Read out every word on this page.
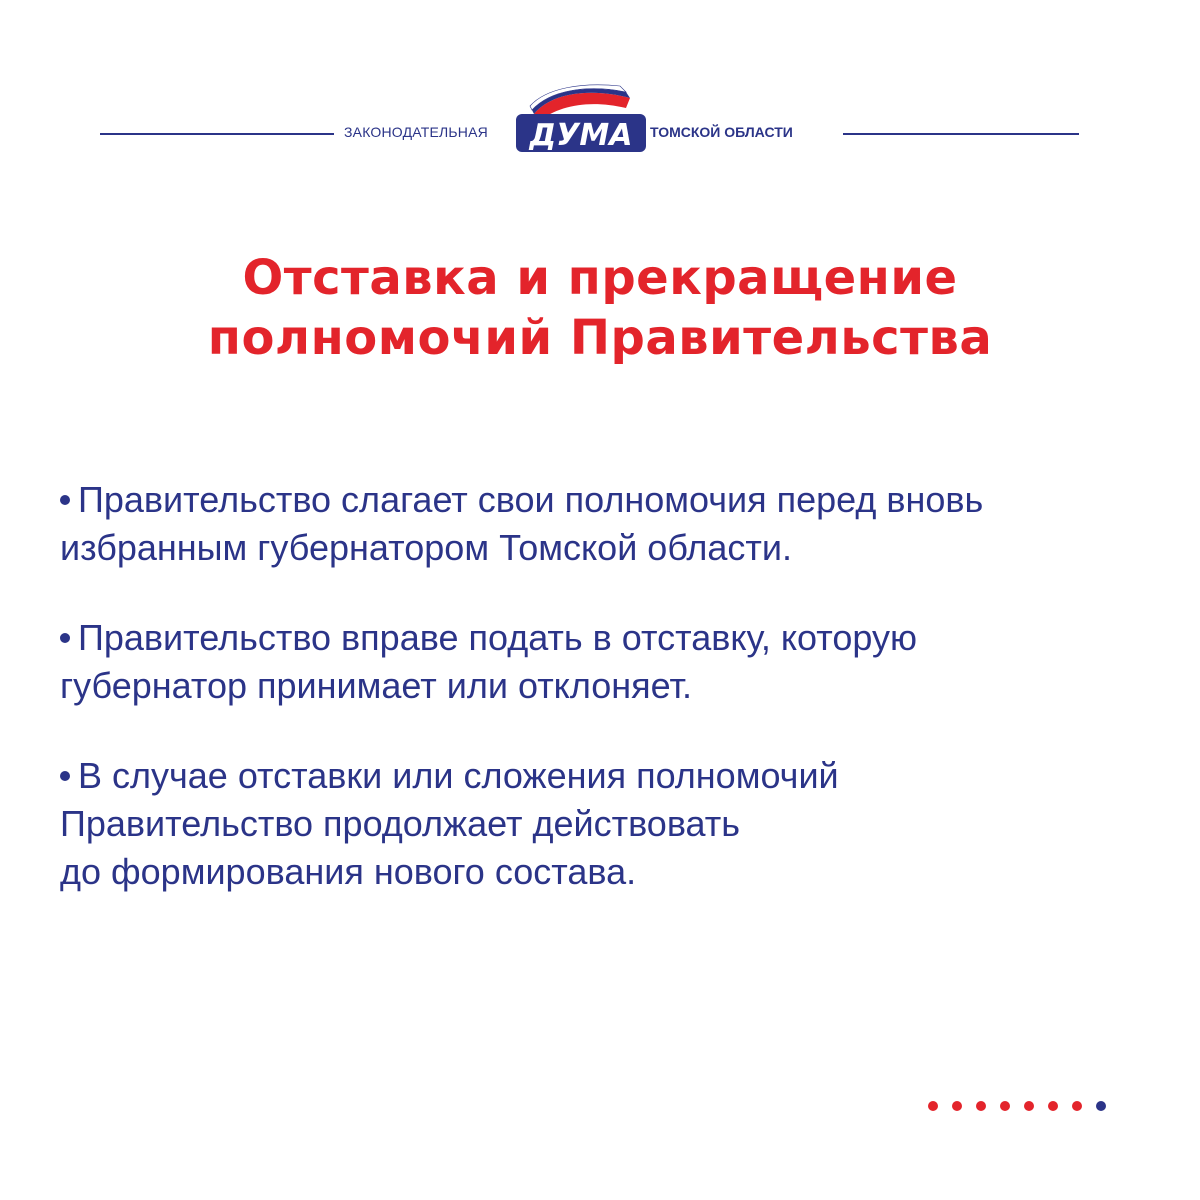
ЗАКОНОДАТЕЛЬНАЯ	ДУМА ТОМСКОЙ ОБЛАСТИ
Отставка и прекращение
полномочий Правительства
Правительство слагает свои полномочия перед вновь
избранным губернатором Томской области.
Правительство вправе подать в отставку, которую
губернатор принимает или отклоняет.
В случае отставки или сложения полномочий
Правительство продолжает действовать
до формирования нового состава.
